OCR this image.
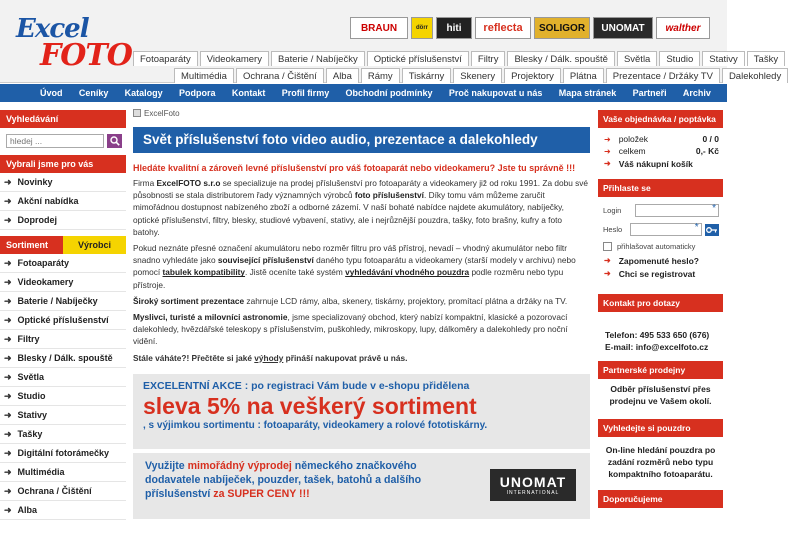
Excel
FOTO
BRAUN	dörr	hiti	reflecta	SOLIGOR	UNOMAT	walther
Fotoaparáty	Videokamery	Baterie / Nabíječky	Optické příslušenství	Filtry	Blesky / Dálk. spouště	Světla	Studio	Stativy	Tašky
Multimédia	Ochrana / Čištění	Alba	Rámy	Tiskárny	Skenery	Projektory	Plátna	Prezentace / Držáky TV	Dalekohledy
Úvod Ceníky Katalogy Podpora Kontakt Profil firmy Obchodní podmínky Proč nakupovat u nás Mapa stránek Partneři Archiv
Vyhledávání
hledej ...
Vybrali jsme pro vás
➜ Novinky
➜ Akční nabídka
➜ Doprodej
Sortiment	Výrobci
➜ Fotoaparáty
➜ Videokamery
➜ Baterie / Nabíječky
➜ Optické příslušenství
➜ Filtry
➜ Blesky / Dálk. spouště
➜ Světla
➜ Studio
➜ Stativy
➜ Tašky
➜ Digitální fotorámečky
➜ Multimédia
➜ Ochrana / Čištění
➜ Alba
ExcelFoto
Svět příslušenství foto video audio, prezentace a dalekohledy
Hledáte kvalitní a zároveň levné příslušenství pro váš fotoaparát nebo videokameru? Jste tu správně !!!
Firma ExcelFOTO s.r.o se specializuje na prodej příslušenství pro fotoaparáty a videokamery již od roku 1991. Za dobu své působnosti se stala distributorem řady významných výrobců foto příslušenství. Díky tomu vám můžeme zaručit mimořádnou dostupnost nabízeného zboží a odborné zázemí. V naší bohaté nabídce najdete akumulátory, nabíječky, optické příslušenství, filtry, blesky, studiové vybavení, stativy, ale i nejrůznější pouzdra, tašky, foto brašny, kufry a foto batohy.
Pokud neznáte přesné označení akumulátoru nebo rozměr filtru pro váš přístroj, nevadí – vhodný akumulátor nebo filtr snadno vyhledáte jako související příslušenství daného typu fotoaparátu a videokamery (starší modely v archivu) nebo pomocí tabulek kompatibility. Jistě oceníte také systém vyhledávání vhodného pouzdra podle rozměru nebo typu přístroje.
Široký sortiment prezentace zahrnuje LCD rámy, alba, skenery, tiskárny, projektory, promítací plátna a držáky na TV.
Myslivci, turisté a milovníci astronomie, jsme specializovaný obchod, který nabízí kompaktní, klasické a pozorovací dalekohledy, hvězdářské teleskopy s příslušenstvím, puškohledy, mikroskopy, lupy, dálkoměry a dalekohledy pro noční vidění.
Stále váháte?! Přečtěte si jaké výhody přináší nakupovat právě u nás.
EXCELENTNÍ AKCE : po registraci Vám bude v e-shopu přidělena
sleva 5% na veškerý sortiment
, s výjimkou sortimentu : fotoaparáty, videokamery a rolové fototiskárny.
Využijte mimořádný výprodej německého značkového dodavatele nabíječek, pouzder, tašek, batohů a dalšího příslušenství za SUPER CENY !!!
UNOMAT
INTERNATIONAL
Vaše objednávka / poptávka
➜ položek	0 / 0
➜ celkem	0,- Kč
➜ Váš nákupní košík
Přihlaste se
Login	*
Heslo	*
přihlašovat automaticky
➜ Zapomenuté heslo?
➜ Chci se registrovat
Kontakt pro dotazy
Telefon: 495 533 650 (676)
E-mail: info@excelfoto.cz
Partnerské prodejny
Odběr příslušenství přes prodejnu ve Vašem okolí.
Vyhledejte si pouzdro
On-line hledání pouzdra po zadání rozměrů nebo typu kompaktního fotoaparátu.
Doporučujeme
